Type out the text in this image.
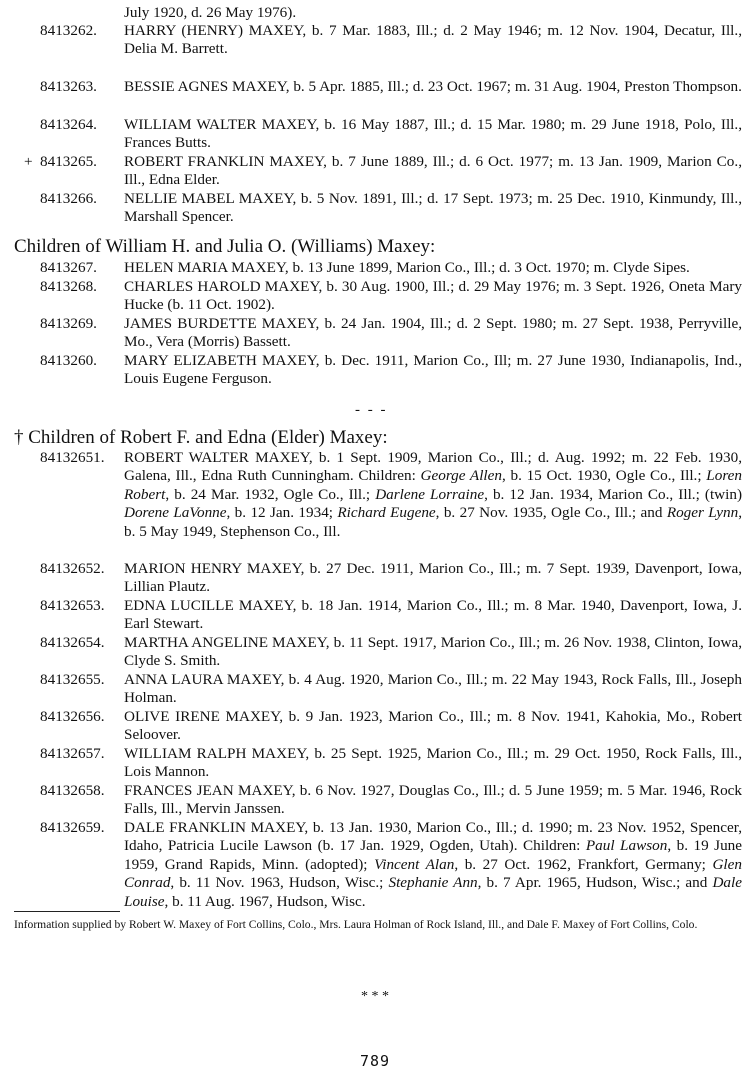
July 1920, d. 26 May 1976).
8413262. HARRY (HENRY) MAXEY, b. 7 Mar. 1883, Ill.; d. 2 May 1946; m. 12 Nov. 1904, Decatur, Ill., Delia M. Barrett.
8413263. BESSIE AGNES MAXEY, b. 5 Apr. 1885, Ill.; d. 23 Oct. 1967; m. 31 Aug. 1904, Preston Thompson.
8413264. WILLIAM WALTER MAXEY, b. 16 May 1887, Ill.; d. 15 Mar. 1980; m. 29 June 1918, Polo, Ill., Frances Butts.
+ 8413265. ROBERT FRANKLIN MAXEY, b. 7 June 1889, Ill.; d. 6 Oct. 1977; m. 13 Jan. 1909, Marion Co., Ill., Edna Elder.
8413266. NELLIE MABEL MAXEY, b. 5 Nov. 1891, Ill.; d. 17 Sept. 1973; m. 25 Dec. 1910, Kinmundy, Ill., Marshall Spencer.
Children of William H. and Julia O. (Williams) Maxey:
8413267. HELEN MARIA MAXEY, b. 13 June 1899, Marion Co., Ill.; d. 3 Oct. 1970; m. Clyde Sipes.
8413268. CHARLES HAROLD MAXEY, b. 30 Aug. 1900, Ill.; d. 29 May 1976; m. 3 Sept. 1926, Oneta Mary Hucke (b. 11 Oct. 1902).
8413269. JAMES BURDETTE MAXEY, b. 24 Jan. 1904, Ill.; d. 2 Sept. 1980; m. 27 Sept. 1938, Perryville, Mo., Vera (Morris) Bassett.
8413260. MARY ELIZABETH MAXEY, b. Dec. 1911, Marion Co., Ill; m. 27 June 1930, Indianapolis, Ind., Louis Eugene Ferguson.
- - -
† Children of Robert F. and Edna (Elder) Maxey:
84132651. ROBERT WALTER MAXEY, b. 1 Sept. 1909, Marion Co., Ill.; d. Aug. 1992; m. 22 Feb. 1930, Galena, Ill., Edna Ruth Cunningham. Children: George Allen, b. 15 Oct. 1930, Ogle Co., Ill.; Loren Robert, b. 24 Mar. 1932, Ogle Co., Ill.; Darlene Lorraine, b. 12 Jan. 1934, Marion Co., Ill.; (twin) Dorene LaVonne, b. 12 Jan. 1934; Richard Eugene, b. 27 Nov. 1935, Ogle Co., Ill.; and Roger Lynn, b. 5 May 1949, Stephenson Co., Ill.
84132652. MARION HENRY MAXEY, b. 27 Dec. 1911, Marion Co., Ill.; m. 7 Sept. 1939, Davenport, Iowa, Lillian Plautz.
84132653. EDNA LUCILLE MAXEY, b. 18 Jan. 1914, Marion Co., Ill.; m. 8 Mar. 1940, Davenport, Iowa, J. Earl Stewart.
84132654. MARTHA ANGELINE MAXEY, b. 11 Sept. 1917, Marion Co., Ill.; m. 26 Nov. 1938, Clinton, Iowa, Clyde S. Smith.
84132655. ANNA LAURA MAXEY, b. 4 Aug. 1920, Marion Co., Ill.; m. 22 May 1943, Rock Falls, Ill., Joseph Holman.
84132656. OLIVE IRENE MAXEY, b. 9 Jan. 1923, Marion Co., Ill.; m. 8 Nov. 1941, Kahokia, Mo., Robert Seloover.
84132657. WILLIAM RALPH MAXEY, b. 25 Sept. 1925, Marion Co., Ill.; m. 29 Oct. 1950, Rock Falls, Ill., Lois Mannon.
84132658. FRANCES JEAN MAXEY, b. 6 Nov. 1927, Douglas Co., Ill.; d. 5 June 1959; m. 5 Mar. 1946, Rock Falls, Ill., Mervin Janssen.
84132659. DALE FRANKLIN MAXEY, b. 13 Jan. 1930, Marion Co., Ill.; d. 1990; m. 23 Nov. 1952, Spencer, Idaho, Patricia Lucile Lawson (b. 17 Jan. 1929, Ogden, Utah). Children: Paul Lawson, b. 19 June 1959, Grand Rapids, Minn. (adopted); Vincent Alan, b. 27 Oct. 1962, Frankfort, Germany; Glen Conrad, b. 11 Nov. 1963, Hudson, Wisc.; Stephanie Ann, b. 7 Apr. 1965, Hudson, Wisc.; and Dale Louise, b. 11 Aug. 1967, Hudson, Wisc.
Information supplied by Robert W. Maxey of Fort Collins, Colo., Mrs. Laura Holman of Rock Island, Ill., and Dale F. Maxey of Fort Collins, Colo.
* * *
789
